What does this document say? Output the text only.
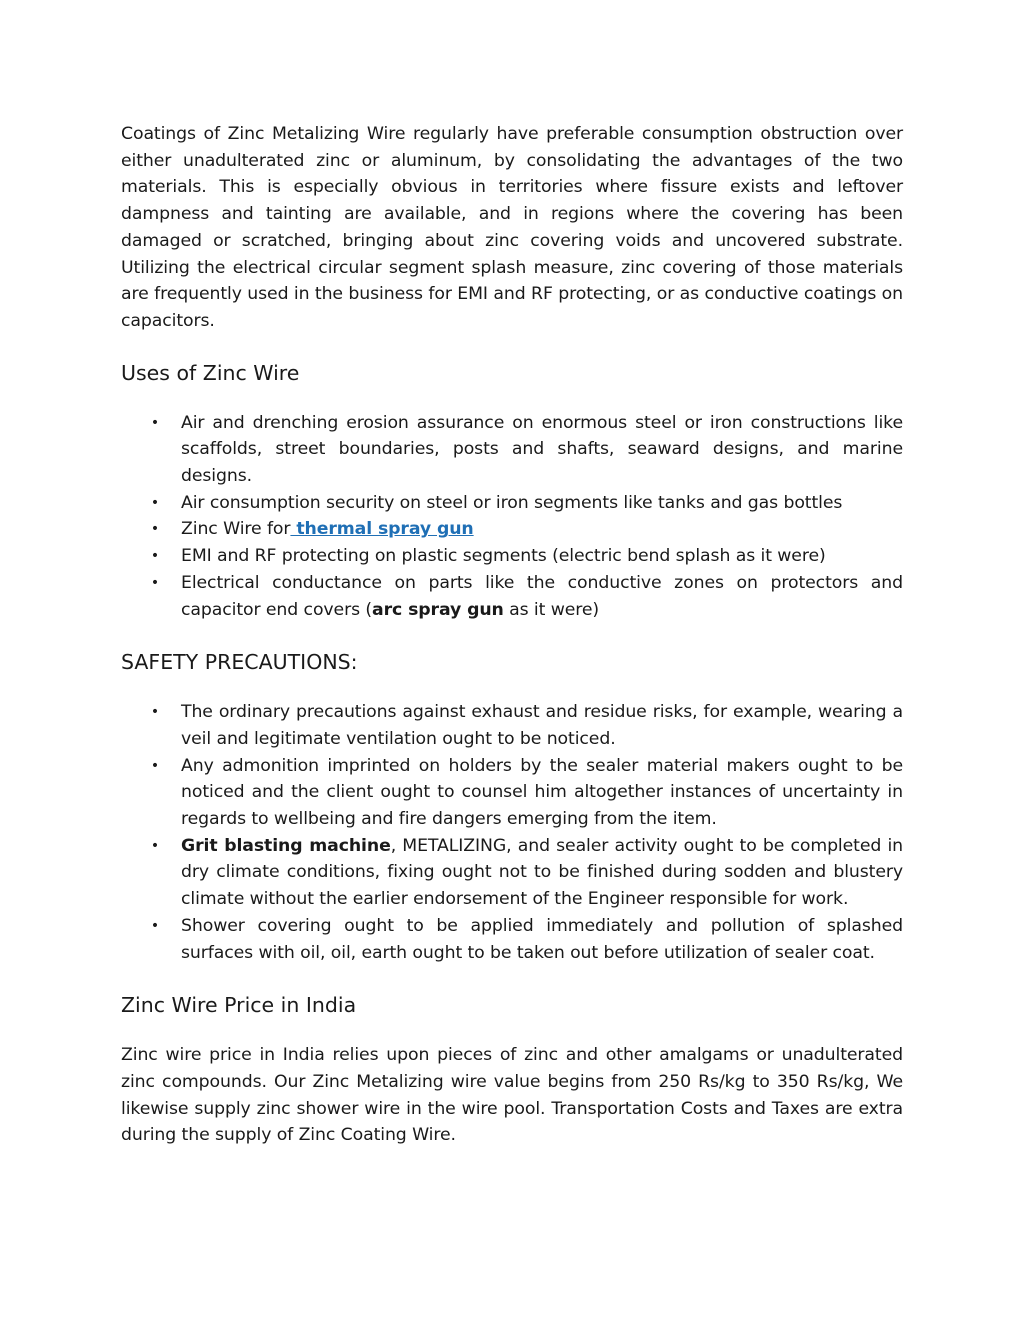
Coatings of Zinc Metalizing Wire regularly have preferable consumption obstruction over either unadulterated zinc or aluminum, by consolidating the advantages of the two materials. This is especially obvious in territories where fissure exists and leftover dampness and tainting are available, and in regions where the covering has been damaged or scratched, bringing about zinc covering voids and uncovered substrate. Utilizing the electrical circular segment splash measure, zinc covering of those materials are frequently used in the business for EMI and RF protecting, or as conductive coatings on capacitors.

Uses of Zinc Wire
• Air and drenching erosion assurance on enormous steel or iron constructions like scaffolds, street boundaries, posts and shafts, seaward designs, and marine designs.
• Air consumption security on steel or iron segments like tanks and gas bottles
• Zinc Wire for thermal spray gun
• EMI and RF protecting on plastic segments (electric bend splash as it were)
• Electrical conductance on parts like the conductive zones on protectors and capacitor end covers (arc spray gun as it were)
SAFETY PRECAUTIONS:
• The ordinary precautions against exhaust and residue risks, for example, wearing a veil and legitimate ventilation ought to be noticed.
• Any admonition imprinted on holders by the sealer material makers ought to be noticed and the client ought to counsel him altogether instances of uncertainty in regards to wellbeing and fire dangers emerging from the item.
• Grit blasting machine, METALIZING, and sealer activity ought to be completed in dry climate conditions, fixing ought not to be finished during sodden and blustery climate without the earlier endorsement of the Engineer responsible for work.
• Shower covering ought to be applied immediately and pollution of splashed surfaces with oil, oil, earth ought to be taken out before utilization of sealer coat.
Zinc Wire Price in India

Zinc wire price in India relies upon pieces of zinc and other amalgams or unadulterated zinc compounds. Our Zinc Metalizing wire value begins from 250 Rs/kg to 350 Rs/kg, We likewise supply zinc shower wire in the wire pool. Transportation Costs and Taxes are extra during the supply of Zinc Coating Wire.
